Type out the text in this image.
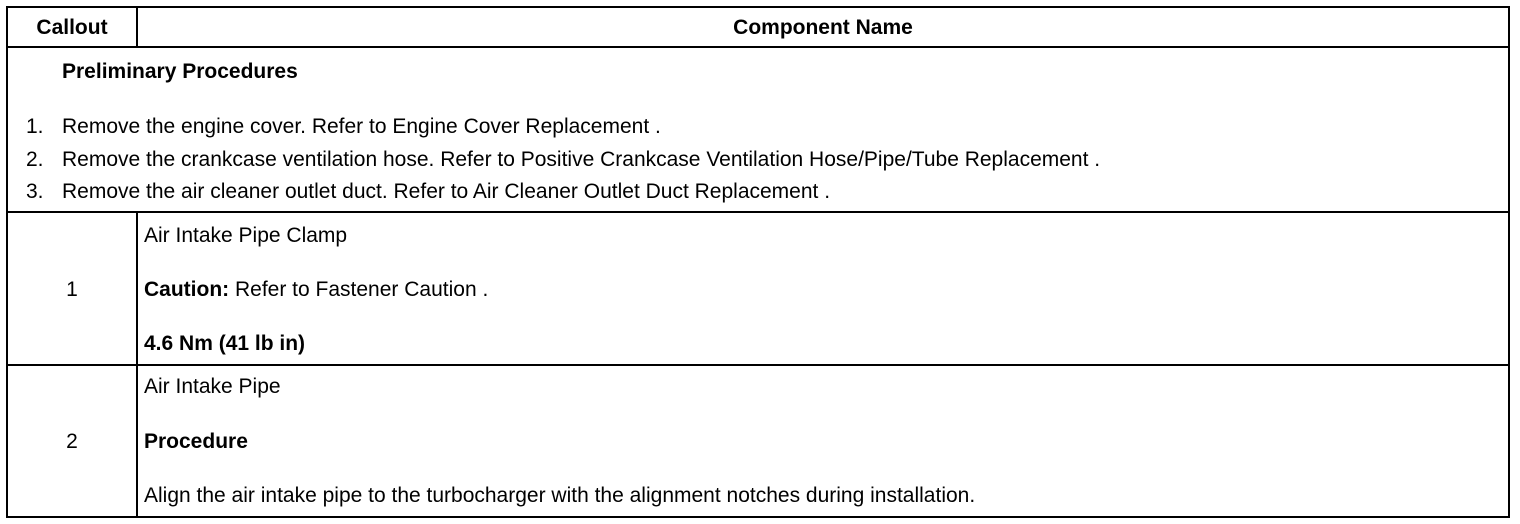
Callout	Component Name
Preliminary Procedures
1. Remove the engine cover. Refer to Engine Cover Replacement .
2. Remove the crankcase ventilation hose. Refer to Positive Crankcase Ventilation Hose/Pipe/Tube Replacement .
3. Remove the air cleaner outlet duct. Refer to Air Cleaner Outlet Duct Replacement .
1
Air Intake Pipe Clamp
Caution: Refer to Fastener Caution .
4.6 Nm (41 lb in)
2
Air Intake Pipe
Procedure
Align the air intake pipe to the turbocharger with the alignment notches during installation.
